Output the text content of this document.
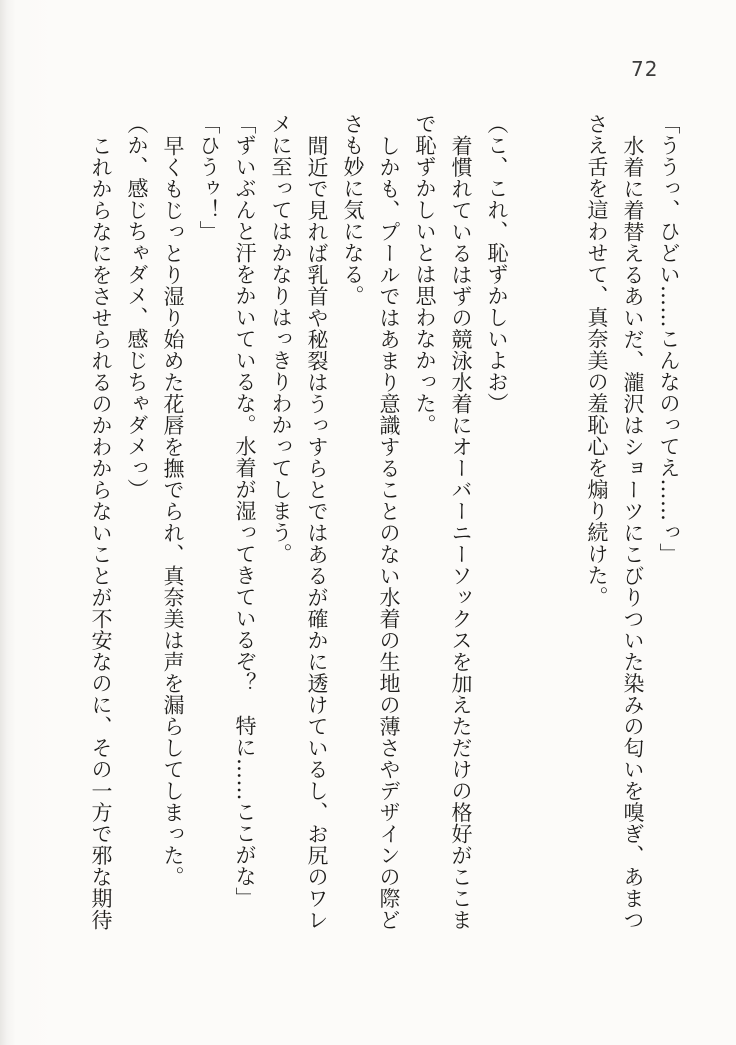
72
「ううっ、ひどい……こんなのってえ……っ」
水着に着替えるあいだ、瀧沢はショーツにこびりついた染みの匂いを嗅ぎ、あまつ
さえ舌を這わせて、真奈美の羞恥心を煽り続けた。
（こ、これ、恥ずかしいよお）
着慣れているはずの競泳水着にオーバーニーソックスを加えただけの格好がここま
で恥ずかしいとは思わなかった。
しかも、プールではあまり意識することのない水着の生地の薄さやデザインの際ど
さも妙に気になる。
間近で見れば乳首や秘裂はうっすらとではあるが確かに透けているし、お尻のワレ
メに至ってはかなりはっきりわかってしまう。
「ずいぶんと汗をかいているな。水着が湿ってきているぞ？　特に……ここがな」
「ひうゥ！」
早くもじっとり湿り始めた花唇を撫でられ、真奈美は声を漏らしてしまった。
（か、感じちゃダメ、感じちゃダメっ）
これからなにをさせられるのかわからないことが不安なのに、その一方で邪な期待
